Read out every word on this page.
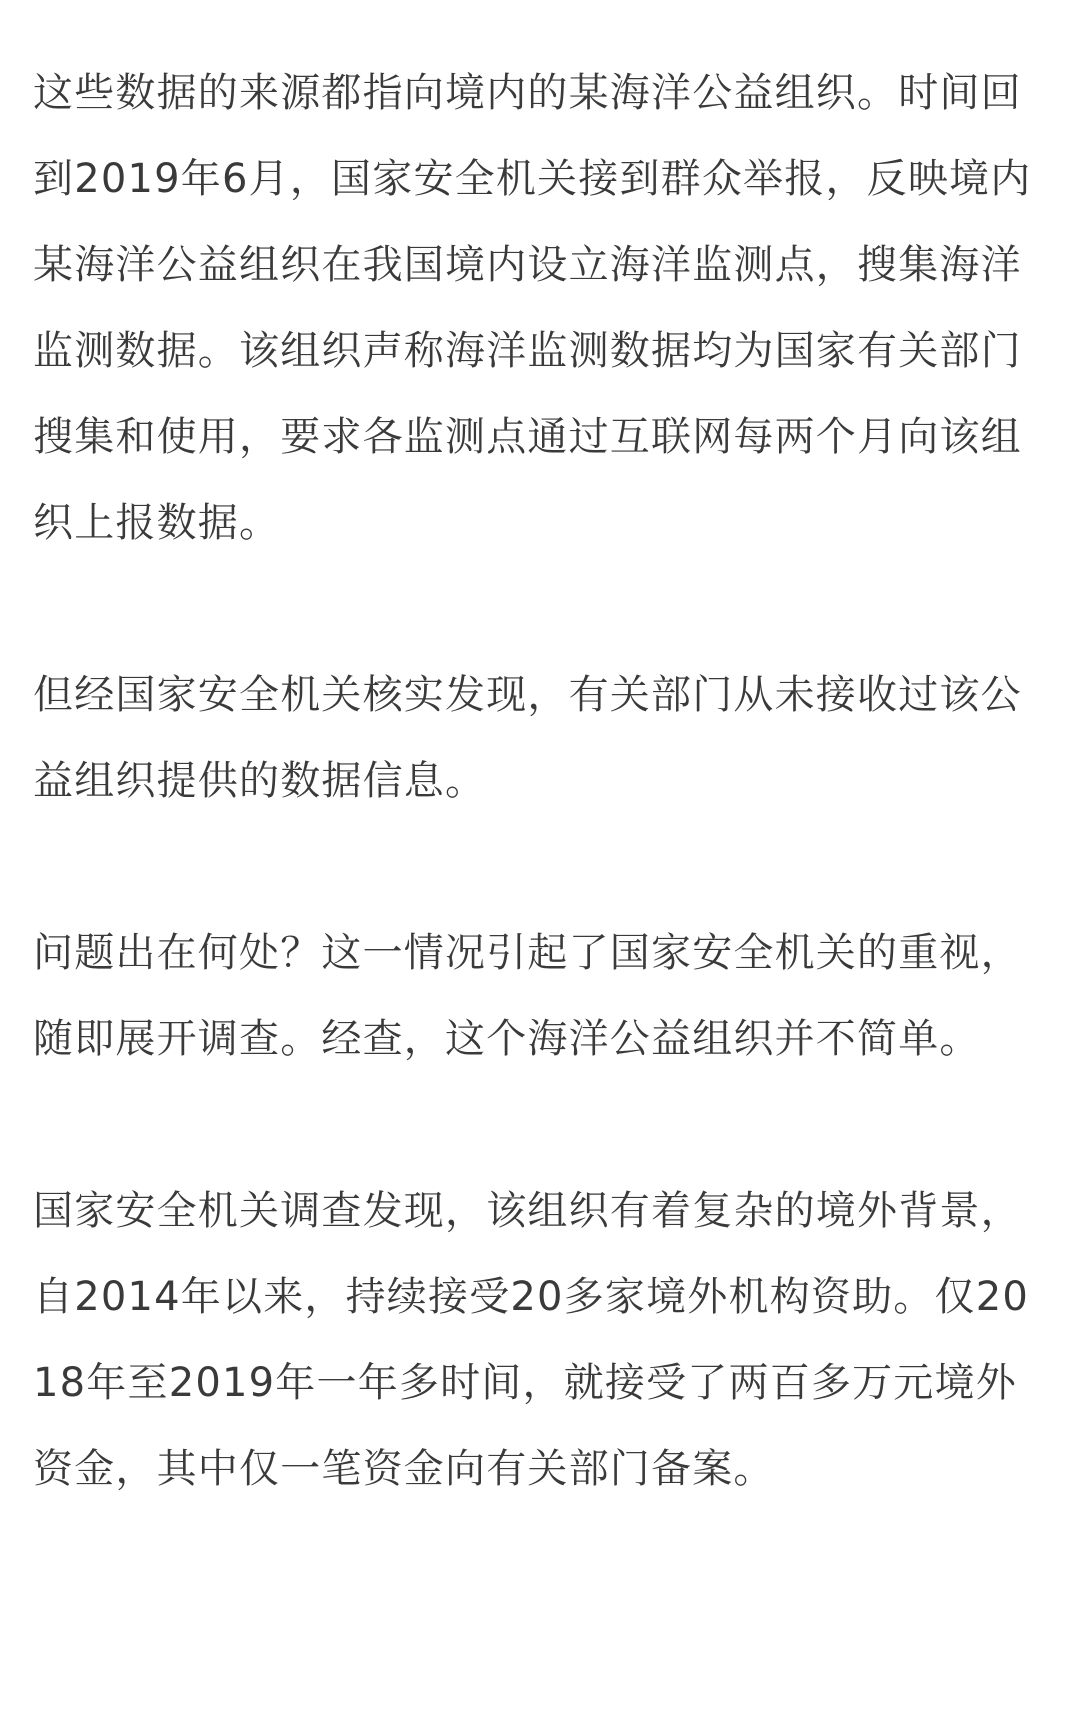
这些数据的来源都指向境内的某海洋公益组织。时间回到2019年6月，国家安全机关接到群众举报，反映境内某海洋公益组织在我国境内设立海洋监测点，搜集海洋监测数据。该组织声称海洋监测数据均为国家有关部门搜集和使用，要求各监测点通过互联网每两个月向该组织上报数据。

但经国家安全机关核实发现，有关部门从未接收过该公益组织提供的数据信息。

问题出在何处？这一情况引起了国家安全机关的重视，随即展开调查。经查，这个海洋公益组织并不简单。

国家安全机关调查发现，该组织有着复杂的境外背景，自2014年以来，持续接受20多家境外机构资助。仅2018年至2019年一年多时间，就接受了两百多万元境外资金，其中仅一笔资金向有关部门备案。
